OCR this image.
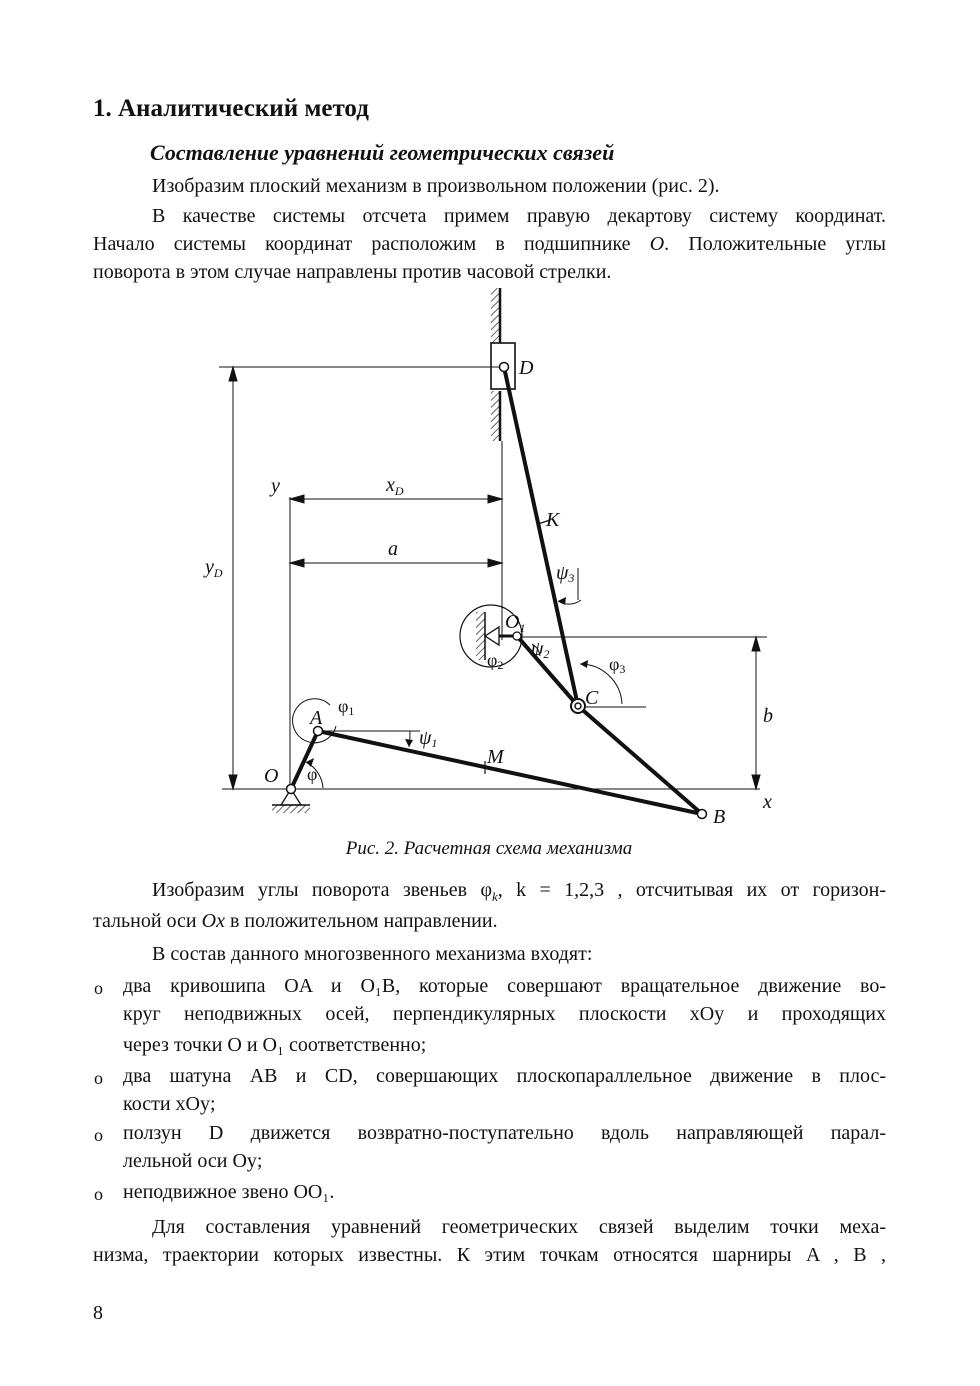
1. Аналитический метод
Составление уравнений геометрических связей
Изобразим плоский механизм в произвольном положении (рис. 2).
В качестве системы отсчета примем правую декартову систему координат.
Начало системы координат расположим в подшипнике O. Положительные углы
поворота в этом случае направлены против часовой стрелки.
D
K
y	$x_D$
a
$y_D$	ψ3
$O_1$
ψ2
φ2	φ3
C
b
φ1
A
ψ1
M
O φ
x
B
Рис. 2. Расчетная схема механизма
Изобразим углы поворота звеньев $\varphi_k$, k = 1,2,3 , отсчитывая их от горизон-
тальной оси Ox в положительном направлении.
В состав данного многозвенного механизма входят:
o два кривошипа OA и O₁B, которые совершают вращательное движение во-
круг неподвижных осей, перпендикулярных плоскости xOy и проходящих
через точки O и O₁ соответственно;
o два шатуна AB и CD, совершающих плоскопараллельное движение в плос-
кости xOy;
o ползун D движется возвратно-поступательно вдоль направляющей парал-
лельной оси Oy;
o неподвижное звено OO₁.
Для составления уравнений геометрических связей выделим точки меха-
низма, траектории которых известны. К этим точкам относятся шарниры A , B ,
8
